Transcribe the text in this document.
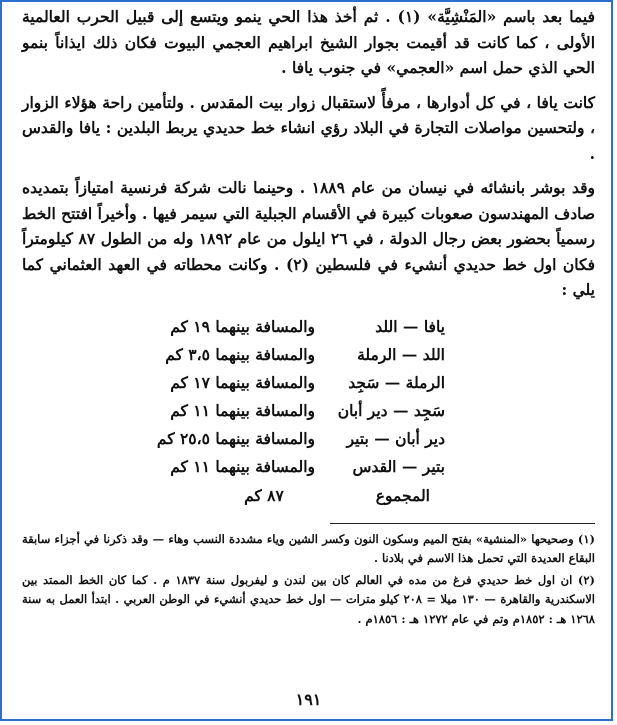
فيما بعد باسم «المَنْشِيَّة» (١) . ثم أخذ هذا الحي ينمو ويتسع إلى قبيل الحرب العالمية الأولى ، كما كانت قد أقيمت بجوار الشيخ ابراهيم العجمي البيوت فكان ذلك ايذاناً بنمو الحي الذي حمل اسم «العجمي» في جنوب يافا .

كانت يافا ، في كل أدوارها ، مرفأً لاستقبال زوار بيت المقدس . ولتأمين راحة هؤلاء الزوار ، ولتحسين مواصلات التجارة في البلاد رؤي انشاء خط حديدي يربط البلدين : يافا والقدس .

وقد بوشر بانشائه في نيسان من عام ١٨٨٩ . وحينما نالت شركة فرنسية امتيازاً بتمديده صادف المهندسون صعوبات كبيرة في الأقسام الجبلية التي سيمر فيها . وأخيراً افتتح الخط رسمياً بحضور بعض رجال الدولة ، في ٢٦ ايلول من عام ١٨٩٢ وله من الطول ٨٧ كيلومتراً فكان اول خط حديدي أنشيء في فلسطين (٢) . وكانت محطاته في العهد العثماني كما يلي :

يافا — اللد
والمسافة بينهما ١٩ كم
اللد — الرملة
والمسافة بينهما ٣،٥ كم
الرملة — سَجِد
والمسافة بينهما ١٧ كم
سَجِد — دير أبان
والمسافة بينهما ١١ كم
دير أبان — بتير
والمسافة بينهما ٢٥،٥ كم
بتير — القدس
والمسافة بينهما ١١ كم
المجموع
٨٧ كم
(١) وصحيحها «المنشية» بفتح الميم وسكون النون وكسر الشين وياء مشددة النسب وهاء — وقد ذكرنا في أجزاء سابقة البقاع العديدة التي تحمل هذا الاسم في بلادنا .
(٢) ان اول خط حديدي فرغ من مده في العالم كان بين لندن و ليفربول سنة ١٨٣٧ م . كما كان الخط الممتد بين الاسكندرية والقاهرة — ١٣٠ ميلا = ٢٠٨ كيلو مترات — اول خط حديدي أنشيء في الوطن العربي . ابتدأ العمل به سنة ١٢٦٨ هـ : ١٨٥٢م وتم في عام ١٢٧٢ هـ : ١٨٥٦م .
١٩١
